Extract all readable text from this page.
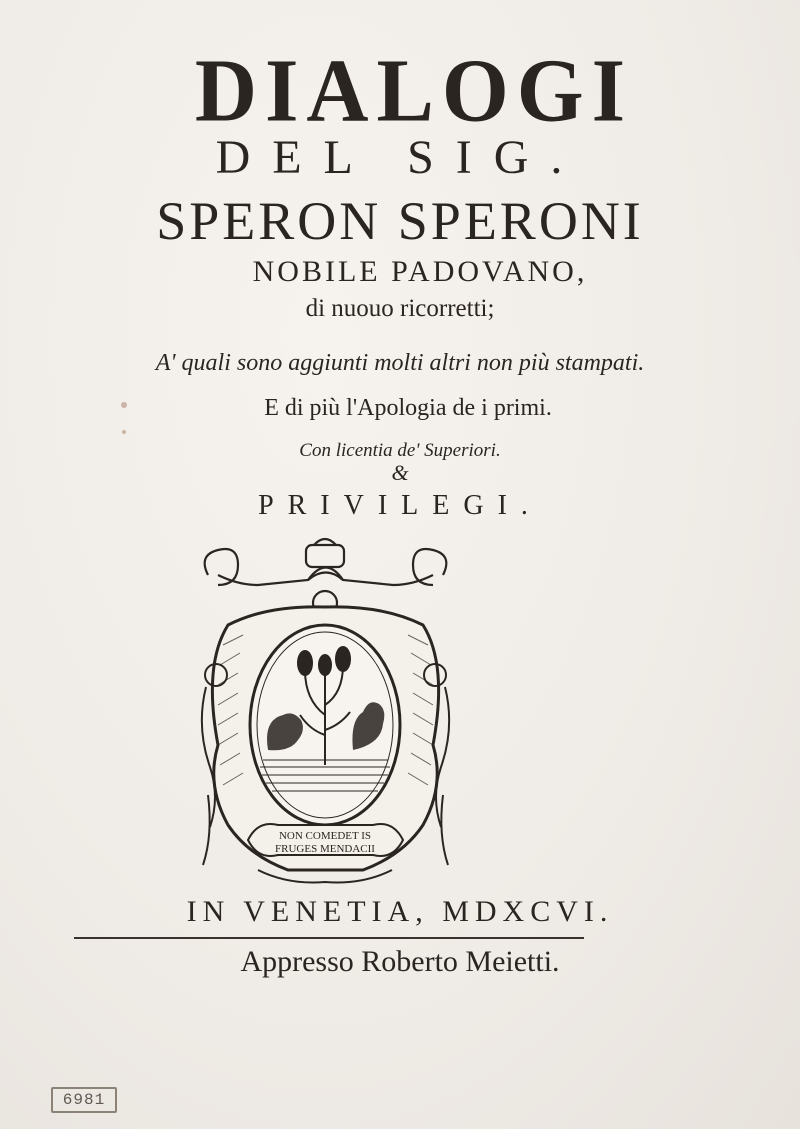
DIALOGI
DEL SIG.
SPERON SPERONI
NOBILE PADOVANO,
di nuouo ricorretti;
A' quali sono aggiunti molti altri non più stampati.
E di più l'Apologia de i primi.
Con licentia de' Superiori.
&
PRIVILEGI.
NON COMEDET IS
FRUGES MENDACII
IN VENETIA, MDXCVI.
Appresso Roberto Meietti.
6981
